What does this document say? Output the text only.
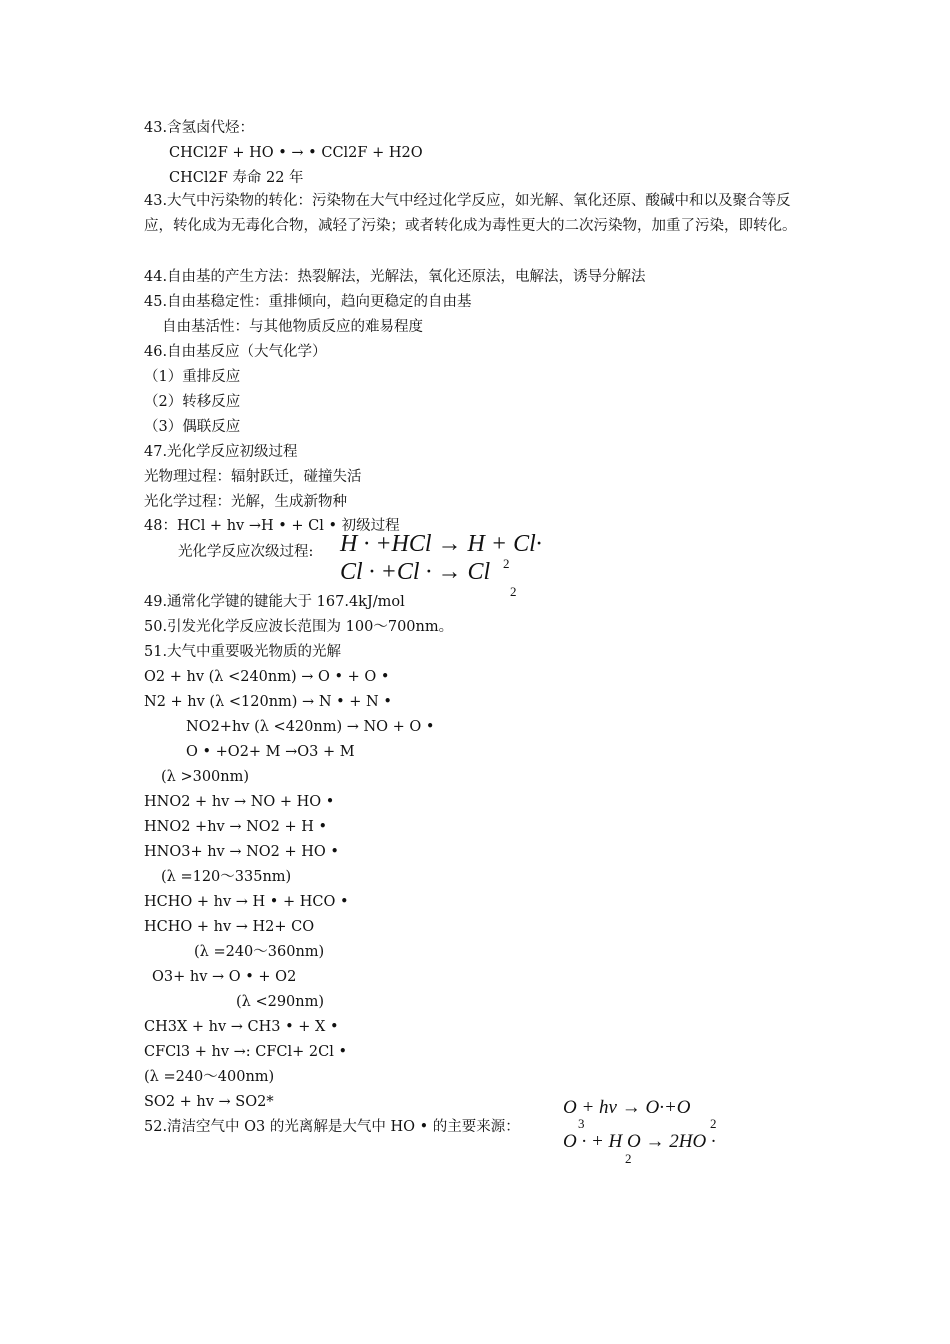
43.含氢卤代烃：
CHCl2F + HO • → • CCl2F + H2O
CHCl2F 寿命 22 年
43.大气中污染物的转化：污染物在大气中经过化学反应，如光解、氧化还原、酸碱中和以及聚合等反应，转化成为无毒化合物，减轻了污染；或者转化成为毒性更大的二次污染物，加重了污染，即转化。
44.自由基的产生方法：热裂解法，光解法，氧化还原法，电解法，诱导分解法
45.自由基稳定性：重排倾向，趋向更稳定的自由基
自由基活性：与其他物质反应的难易程度
46.自由基反应（大气化学）
（1）重排反应
（2）转移反应
（3）偶联反应
47.光化学反应初级过程
光物理过程：辐射跃迁，碰撞失活
光化学过程：光解，生成新物种
48：HCl + hv →H • + Cl • 初级过程
光化学反应次级过程: H · +HCl → H + Cl·
2
Cl · +Cl · → Cl
2
49.通常化学键的键能大于 167.4kJ/mol
50.引发光化学反应波长范围为 100～700nm。
51.大气中重要吸光物质的光解
O2 + hv (λ <240nm) → O • + O •
N2 + hv (λ <120nm) → N • + N •
NO2+hv (λ <420nm) → NO + O •
O • +O2+ M →O3 + M
(λ >300nm)
HNO2 + hv → NO + HO •
HNO2 +hv → NO2 + H •
HNO3+ hv → NO2 + HO •
(λ =120～335nm)
HCHO + hv → H • + HCO •
HCHO + hv → H2+ CO
(λ =240～360nm)
O3+ hv → O • + O2
(λ <290nm)
CH3X + hv → CH3 • + X •
CFCl3 + hv →: CFCl+ 2Cl •
(λ =240～400nm)
SO2 + hv → SO2*
52.清洁空气中 O3 的光离解是大气中 HO • 的主要来源：
O + hν → O·+O
3	2
O · + H O → 2HO ·
2
